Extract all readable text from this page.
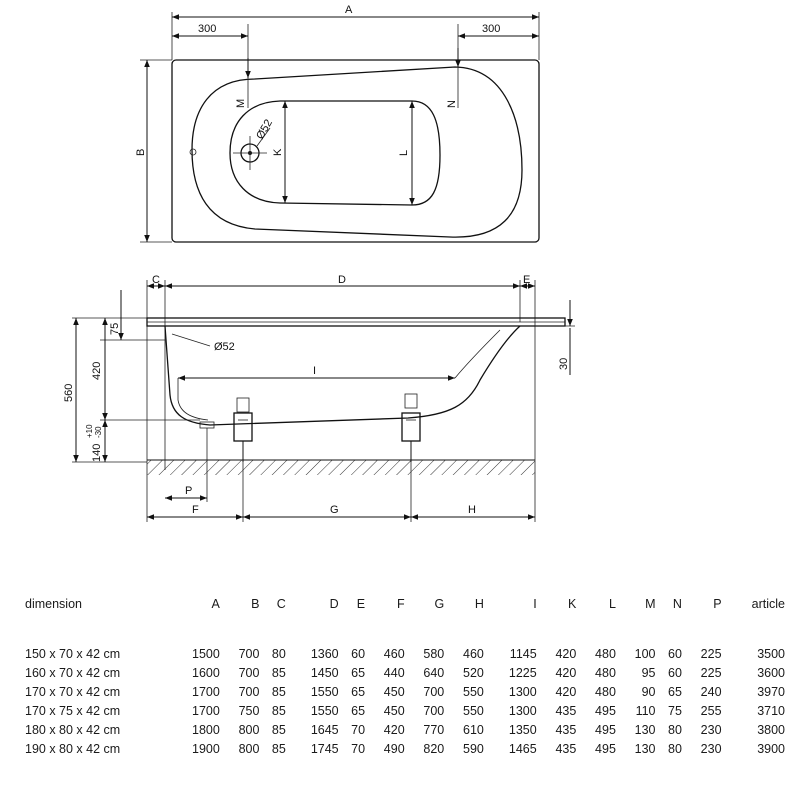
Ø52
A
300	300
B
M	N
K	L
C	D	E
75
420
560
140
+10 -30
30
Ø52
I
P
F	G	H
dimension	A	B	C	D	E	F	G	H	I	K	L	M	N	P	article

150 x 70 x 42 cm	1500	700	80	1360	60	460	580	460	1145	420	480	100	60	225	3500
160 x 70 x 42 cm	1600	700	85	1450	65	440	640	520	1225	420	480	95	60	225	3600
170 x 70 x 42 cm	1700	700	85	1550	65	450	700	550	1300	420	480	90	65	240	3970
170 x 75 x 42 cm	1700	750	85	1550	65	450	700	550	1300	435	495	110	75	255	3710
180 x 80 x 42 cm	1800	800	85	1645	70	420	770	610	1350	435	495	130	80	230	3800
190 x 80 x 42 cm	1900	800	85	1745	70	490	820	590	1465	435	495	130	80	230	3900
